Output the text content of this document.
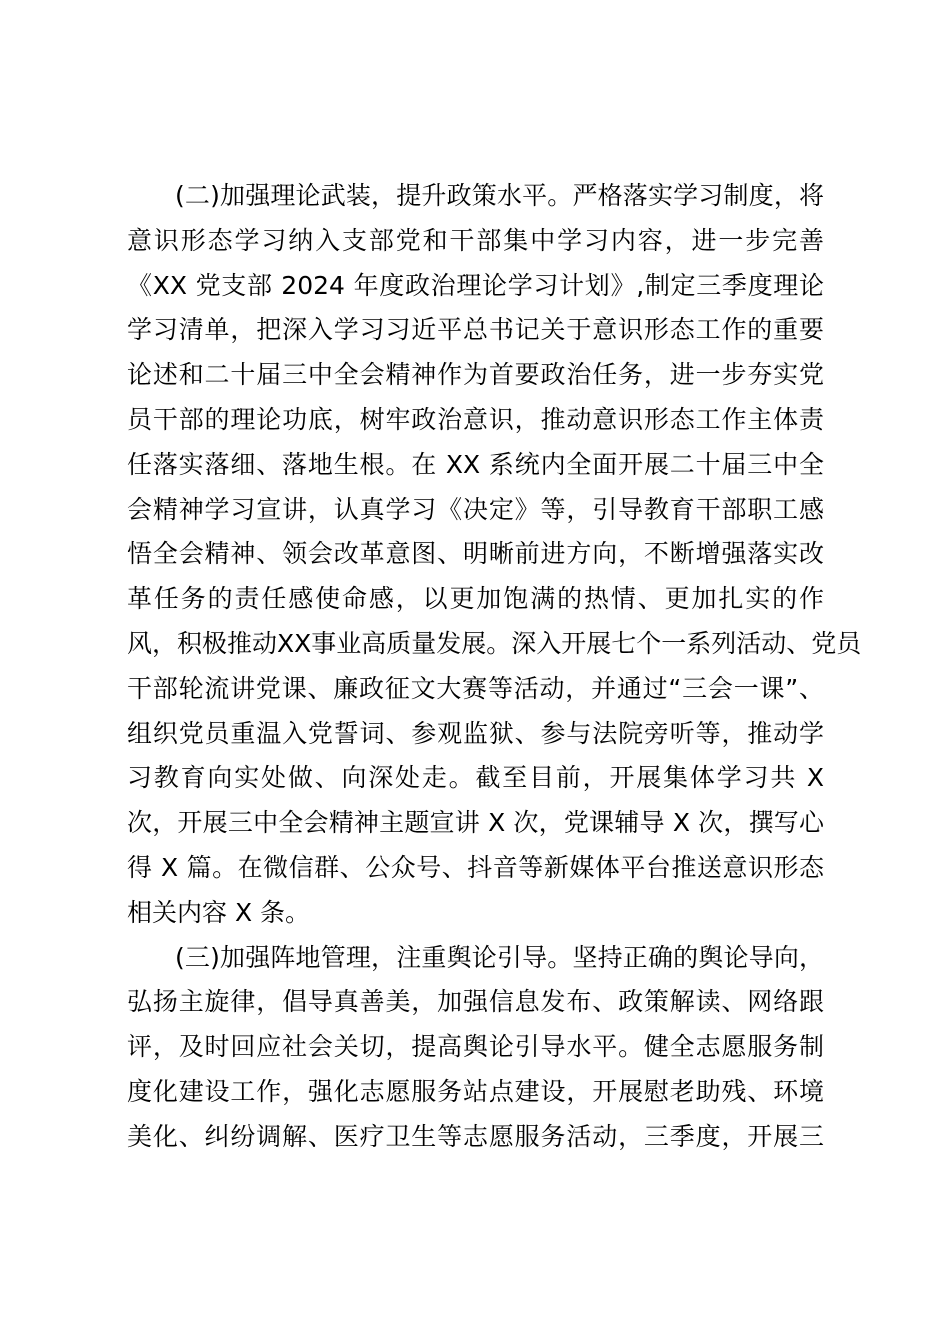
(二)加强理论武装，提升政策水平。严格落实学习制度，将
意识形态学习纳入支部党和干部集中学习内容，进一步完善
《XX 党支部 2024 年度政治理论学习计划》,制定三季度理论
学习清单，把深入学习习近平总书记关于意识形态工作的重要
论述和二十届三中全会精神作为首要政治任务，进一步夯实党
员干部的理论功底，树牢政治意识，推动意识形态工作主体责
任落实落细、落地生根。在 XX 系统内全面开展二十届三中全
会精神学习宣讲，认真学习《决定》等，引导教育干部职工感
悟全会精神、领会改革意图、明晰前进方向，不断增强落实改
革任务的责任感使命感，以更加饱满的热情、更加扎实的作
风，积极推动XX事业高质量发展。深入开展七个一系列活动、党员
干部轮流讲党课、廉政征文大赛等活动，并通过“三会一课”、
组织党员重温入党誓词、参观监狱、参与法院旁听等，推动学
习教育向实处做、向深处走。截至目前，开展集体学习共 X
次，开展三中全会精神主题宣讲 X 次，党课辅导 X 次，撰写心
得 X 篇。在微信群、公众号、抖音等新媒体平台推送意识形态
相关内容 X 条。
(三)加强阵地管理，注重舆论引导。坚持正确的舆论导向，
弘扬主旋律，倡导真善美，加强信息发布、政策解读、网络跟
评，及时回应社会关切，提高舆论引导水平。健全志愿服务制
度化建设工作，强化志愿服务站点建设，开展慰老助残、环境
美化、纠纷调解、医疗卫生等志愿服务活动，三季度，开展三
